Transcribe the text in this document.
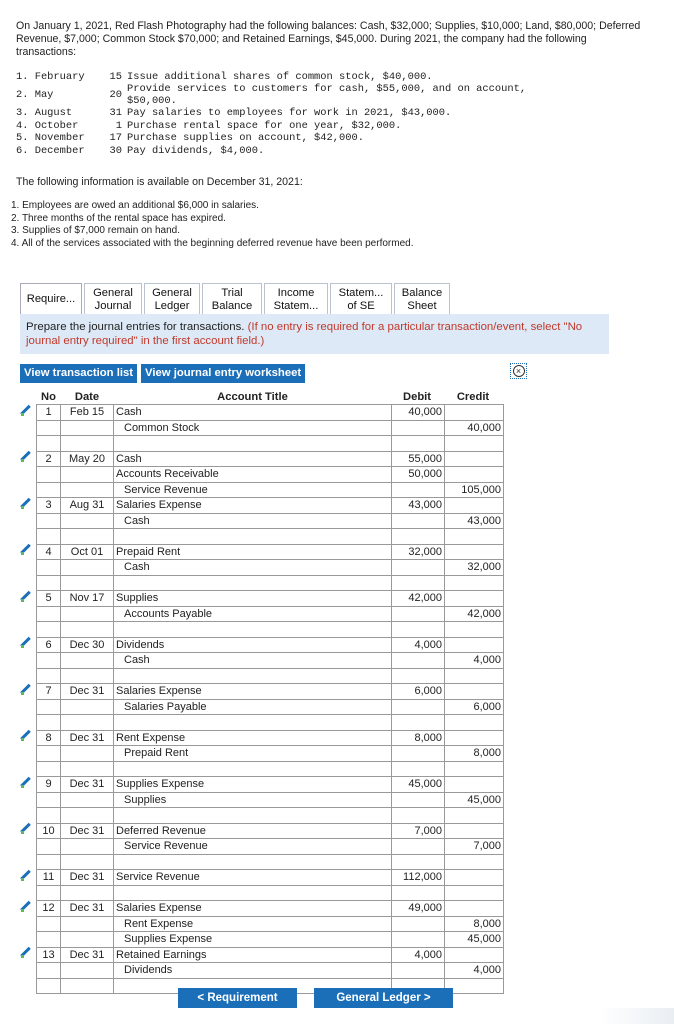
On January 1, 2021, Red Flash Photography had the following balances: Cash, $32,000; Supplies, $10,000; Land, $80,000; Deferred Revenue, $7,000; Common Stock $70,000; and Retained Earnings, $45,000. During 2021, the company had the following transactions:
1. February	15 Issue additional shares of common stock, $40,000.
2. May	20
Provide services to customers for cash, $55,000, and on account, $50,000.
3. August	31 Pay salaries to employees for work in 2021, $43,000.
4. October	1 Purchase rental space for one year, $32,000.
5. November	17 Purchase supplies on account, $42,000.
6. December	30 Pay dividends, $4,000.
The following information is available on December 31, 2021:
1. Employees are owed an additional $6,000 in salaries.
2. Three months of the rental space has expired.
3. Supplies of $7,000 remain on hand.
4. All of the services associated with the beginning deferred revenue have been performed.
Require...
General Journal
General Ledger
Trial Balance
Income Statem...
Statem... of SE
Balance Sheet
Prepare the journal entries for transactions. (If no entry is required for a particular transaction/event, select "No journal entry required" in the first account field.)
View transaction list	View journal entry worksheet	×
	No	Date	Account Title	Debit	Credit
	1	Feb 15	Cash	40,000	
			Common Stock		40,000

	2	May 20	Cash	55,000	
			Accounts Receivable	50,000	
			Service Revenue		105,000
	3	Aug 31	Salaries Expense	43,000	
			Cash		43,000

	4	Oct 01	Prepaid Rent	32,000	
			Cash		32,000

	5	Nov 17	Supplies	42,000	
			Accounts Payable		42,000

	6	Dec 30	Dividends	4,000	
			Cash		4,000

	7	Dec 31	Salaries Expense	6,000	
			Salaries Payable		6,000

	8	Dec 31	Rent Expense	8,000	
			Prepaid Rent		8,000

	9	Dec 31	Supplies Expense	45,000	
			Supplies		45,000

	10	Dec 31	Deferred Revenue	7,000	
			Service Revenue		7,000

	11	Dec 31	Service Revenue	112,000	

	12	Dec 31	Salaries Expense	49,000	
			Rent Expense		8,000
			Supplies Expense		45,000
	13	Dec 31	Retained Earnings	4,000	
			Dividends		4,000

< Requirement	General Ledger >
